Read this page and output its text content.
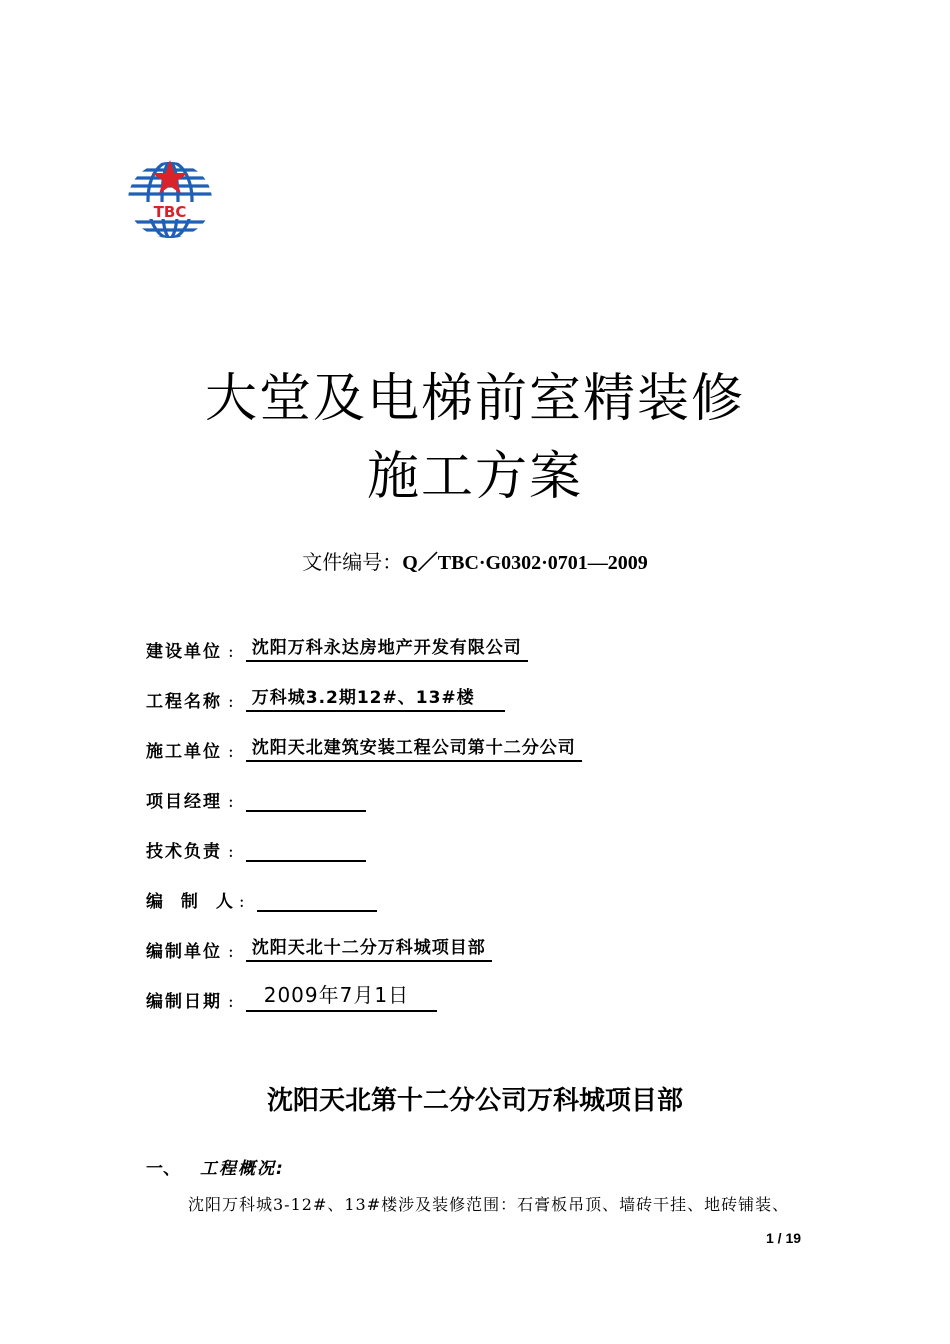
TBC
大堂及电梯前室精装修
施工方案
文件编号：Q／TBC·G0302·0701—2009
建设单位 :	沈阳万科永达房地产开发有限公司
工程名称 :	万科城3.2期12#、13#楼
施工单位 :	沈阳天北建筑安装工程公司第十二分公司
项目经理 :
技术负责 :
编 制 人 :
编制单位 :	沈阳天北十二分万科城项目部
编制日期 :	2009年7月1日
沈阳天北第十二分公司万科城项目部
一、 工程概况:
沈阳万科城3-12#、13#楼涉及装修范围：石膏板吊顶、墙砖干挂、地砖铺装、
1 / 19
